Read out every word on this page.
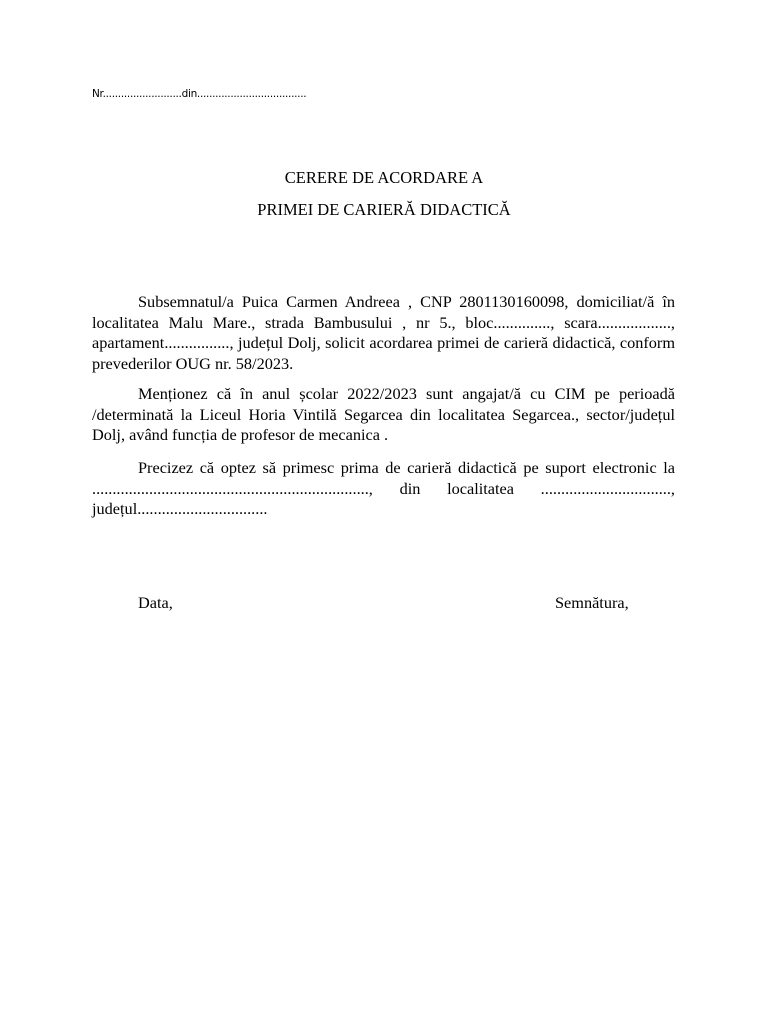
Nr..........................din....................................
CERERE DE ACORDARE A
PRIMEI DE CARIERĂ DIDACTICĂ

Subsemnatul/a Puica Carmen Andreea , CNP 2801130160098, domiciliat/ă în localitatea Malu Mare., strada Bambusului , nr 5., bloc.............., scara.................., apartament................, județul Dolj, solicit acordarea primei de carieră didactică, conform prevederilor OUG nr. 58/2023.

Menționez că în anul școlar 2022/2023 sunt angajat/ă cu CIM pe perioadă /determinată la Liceul Horia Vintilă Segarcea din localitatea Segarcea., sector/județul Dolj, având funcția de profesor de mecanica .

Precizez că optez să primesc prima de carieră didactică pe suport electronic la ...................................................................., din localitatea ................................, județul................................

Data,	Semnătura,
